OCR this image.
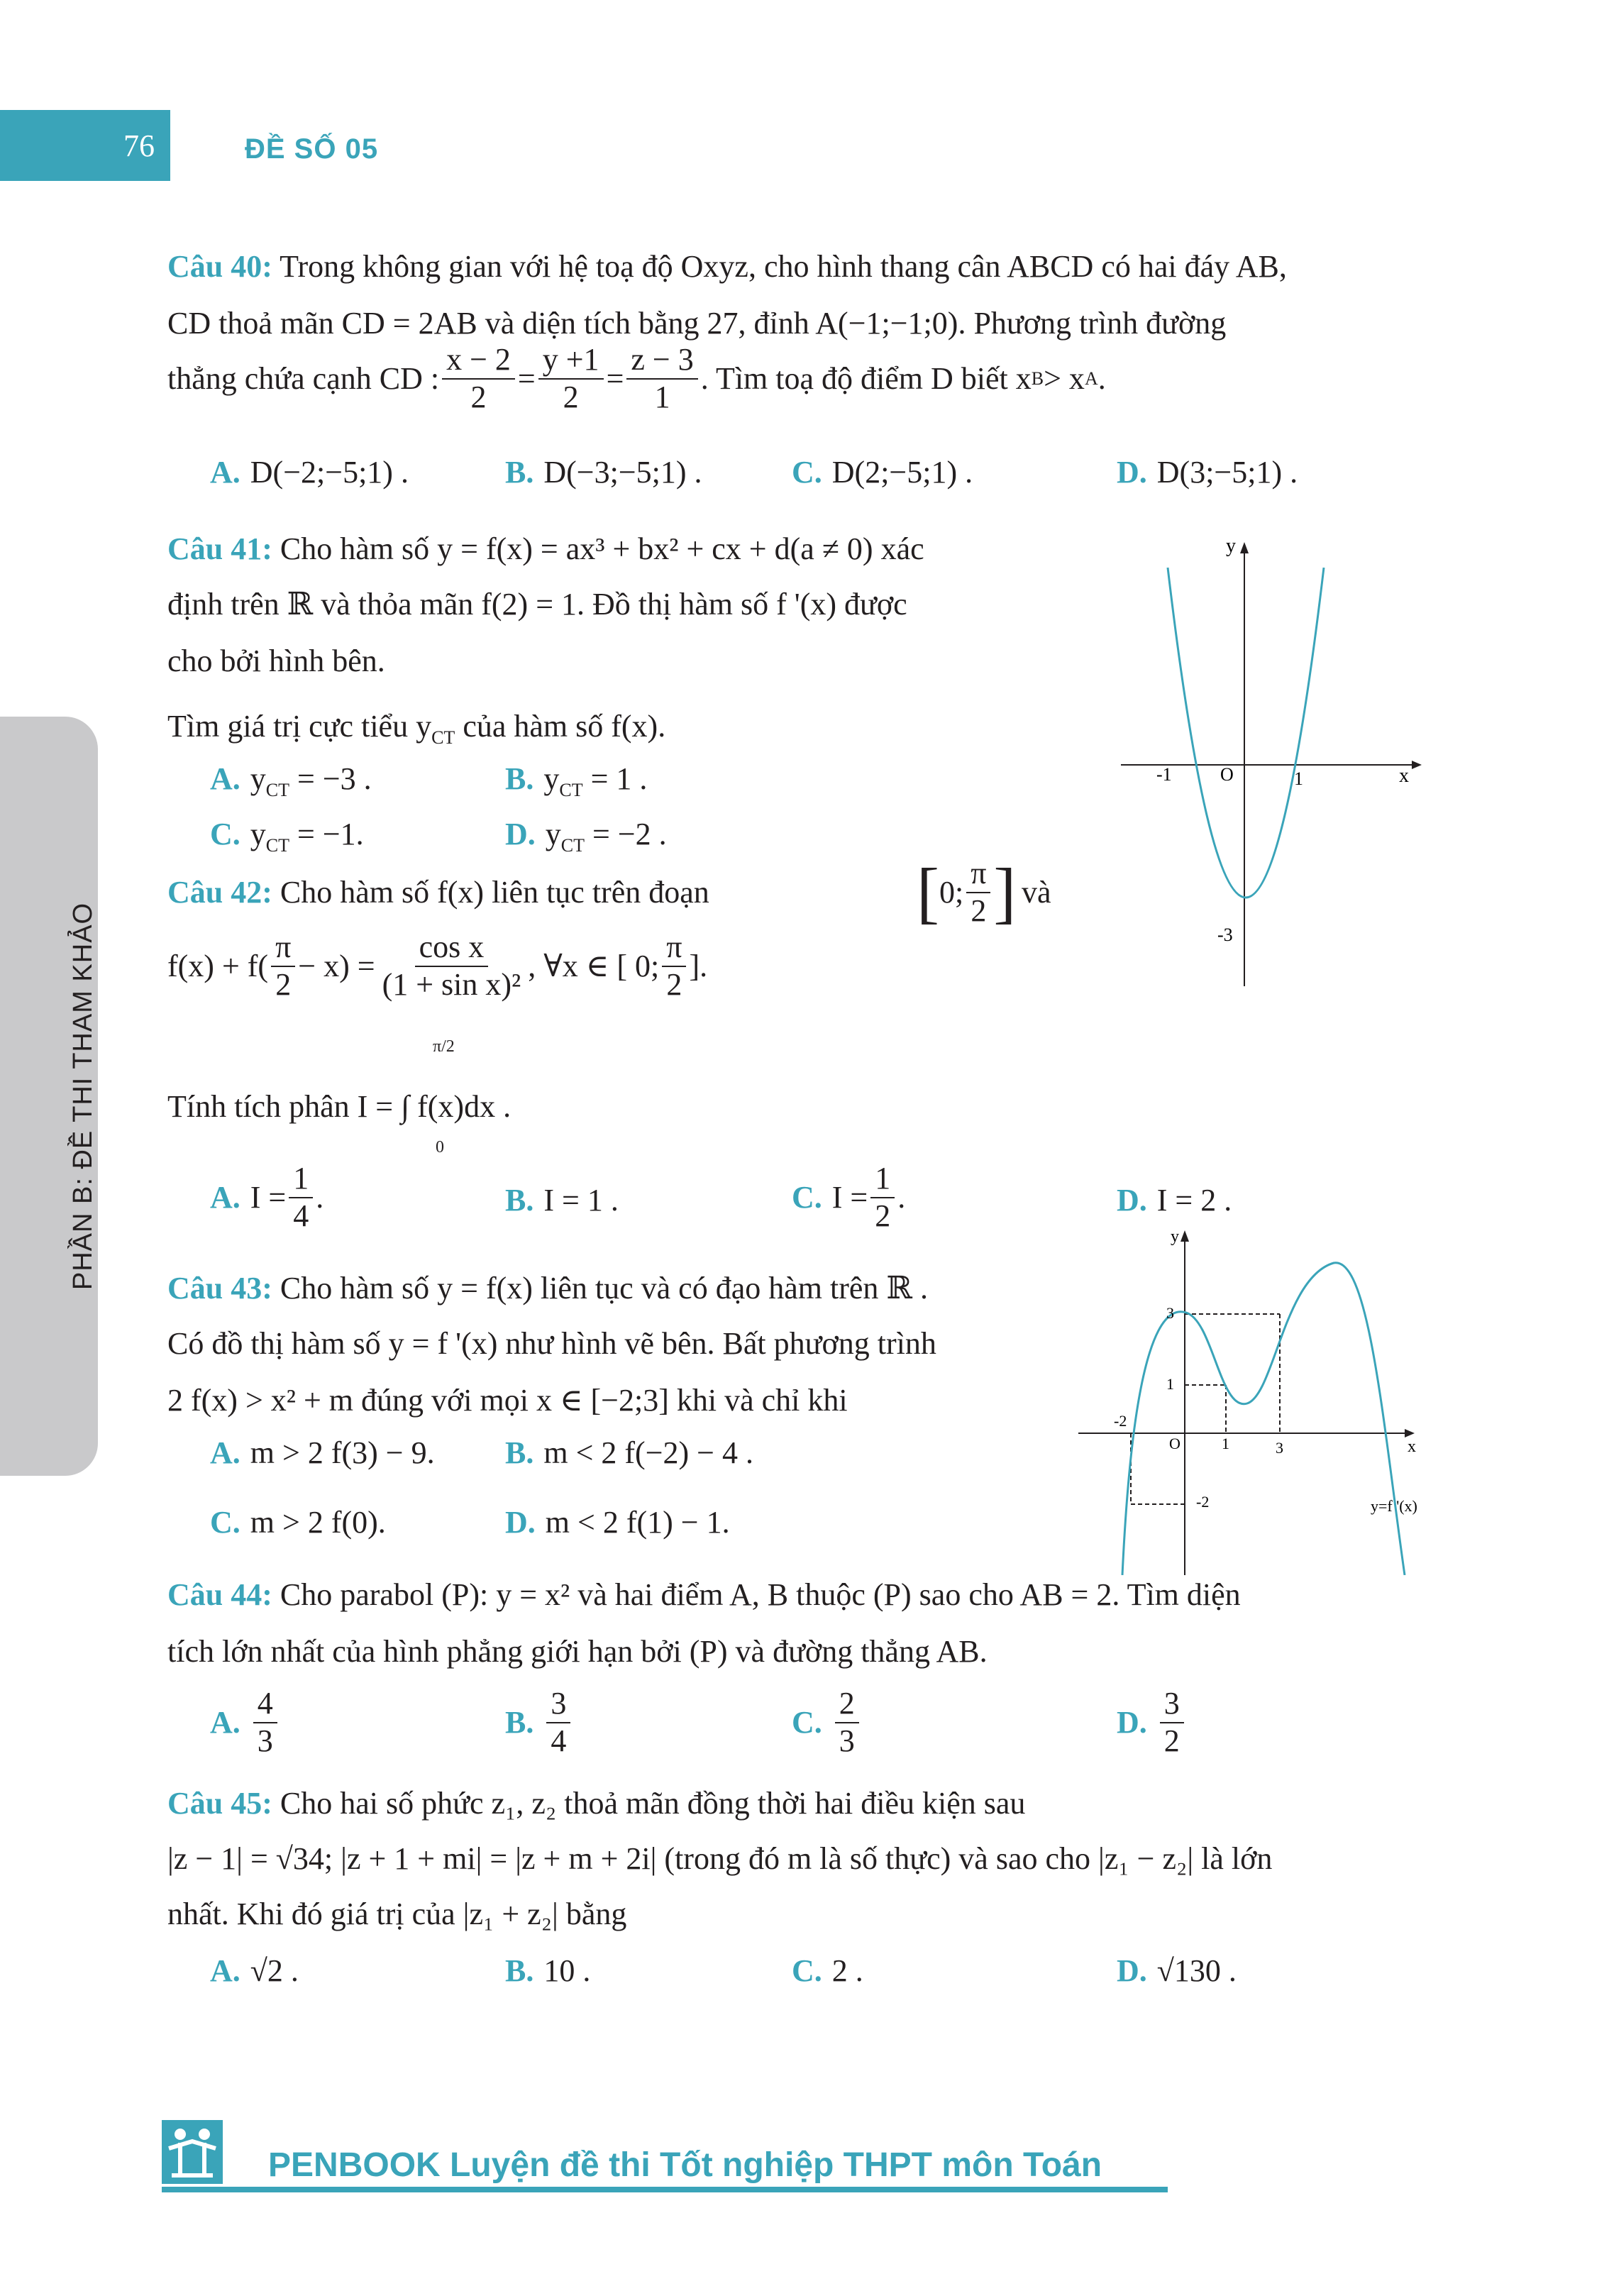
76	ĐỀ SỐ 05
PHẦN B: ĐỀ THI THAM KHẢO
Câu 40: Trong không gian với hệ toạ độ Oxyz, cho hình thang cân ABCD có hai đáy AB,
CD thoả mãn CD = 2AB và diện tích bằng 27, đỉnh A(−1;−1;0). Phương trình đường
thẳng chứa cạnh CD : $\frac{x - 2}{2} = \frac{y +1}{2} = \frac{z - 3}{1}$ . Tìm toạ độ điểm D biết x B > x A .
A. D(−2;−5;1) .	B. D(−3;−5;1) .	C. D(2;−5;1) .	D. D(3;−5;1) .
Câu 41: Cho hàm số y = f(x) = ax³ + bx² + cx + d(a ≠ 0) xác
định trên ℝ và thỏa mãn f(2) = 1. Đồ thị hàm số f '(x) được
cho bởi hình bên.
Tìm giá trị cực tiểu $y_{CT}$ của hàm số f(x).
A. $y_{CT} = -3$ .	B. $y_{CT} = 1$ .
C. $y_{CT} = -1$.	D. $y_{CT} = -2$ .
y
x
-1	O	1
-3
Câu 42:
Cho hàm số f(x) liên tục trên đoạn	[ 0; $\frac{\pi}{2}$ ] và
$f(x) + f( \frac{\pi}{2} - x) = \frac{\text{cos x}}{\text{(1 + sin x)²}}$ , ∀x ∈ [ 0; $\frac{\pi}{2}$ ].
π/2
Tính tích phân I = ∫ f(x)dx .
0
A. $I = \frac{1}{4}$ .	B. I = 1 .	C. $I = \frac{1}{2}$ .	D. I = 2 .
Câu 43: Cho hàm số y = f(x) liên tục và có đạo hàm trên ℝ .
Có đồ thị hàm số y = f '(x) như hình vẽ bên. Bất phương trình
2 f(x) > x² + m đúng với mọi x ∈ [−2;3] khi và chỉ khi
A. m > 2 f(3) − 9. B. m < 2 f(−2) − 4 .
C. m > 2 f(0).	D. m < 2 f(1) − 1.
y
x
3
1
-2
O	1	3
-2	y=f '(x)
Câu 44: Cho parabol (P): y = x² và hai điểm A, B thuộc (P) sao cho AB = 2. Tìm diện
tích lớn nhất của hình phẳng giới hạn bởi (P) và đường thẳng AB.
A. $\frac{4}{3}$	B. $\frac{3}{4}$	C. $\frac{2}{3}$	D. $\frac{3}{2}$
Câu 45: Cho hai số phức z₁, z₂ thoả mãn đồng thời hai điều kiện sau
|z − 1| = √34; |z + 1 + mi| = |z + m + 2i| (trong đó m là số thực) và sao cho |z₁ − z₂| là lớn
nhất. Khi đó giá trị của |z₁ + z₂| bằng
A. √2 .	B. 10 .	C. 2 .	D. √130 .
PENBOOK Luyện đề thi Tốt nghiệp THPT môn Toán
